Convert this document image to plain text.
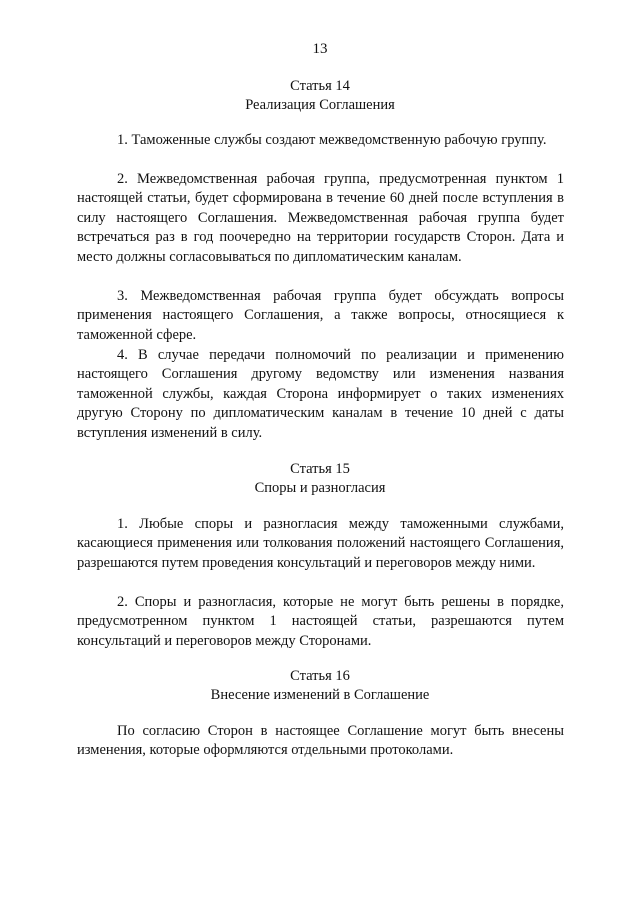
13
Статья 14
Реализация Соглашения

1. Таможенные службы создают межведомственную рабочую группу.

2. Межведомственная рабочая группа, предусмотренная пунктом 1 настоящей статьи, будет сформирована в течение 60 дней после вступления в силу настоящего Соглашения. Межведомственная рабочая группа будет встречаться раз в год поочередно на территории государств Сторон. Дата и место должны согласовываться по дипломатическим каналам.

3. Межведомственная рабочая группа будет обсуждать вопросы применения настоящего Соглашения, а также вопросы, относящиеся к таможенной сфере.

4. В случае передачи полномочий по реализации и применению настоящего Соглашения другому ведомству или изменения названия таможенной службы, каждая Сторона информирует о таких изменениях другую Сторону по дипломатическим каналам в течение 10 дней с даты вступления изменений в силу.

Статья 15
Споры и разногласия

1. Любые споры и разногласия между таможенными службами, касающиеся применения или толкования положений настоящего Соглашения, разрешаются путем проведения консультаций и переговоров между ними.

2. Споры и разногласия, которые не могут быть решены в порядке, предусмотренном пунктом 1 настоящей статьи, разрешаются путем консультаций и переговоров между Сторонами.

Статья 16
Внесение изменений в Соглашение

По согласию Сторон в настоящее Соглашение могут быть внесены изменения, которые оформляются отдельными протоколами.
